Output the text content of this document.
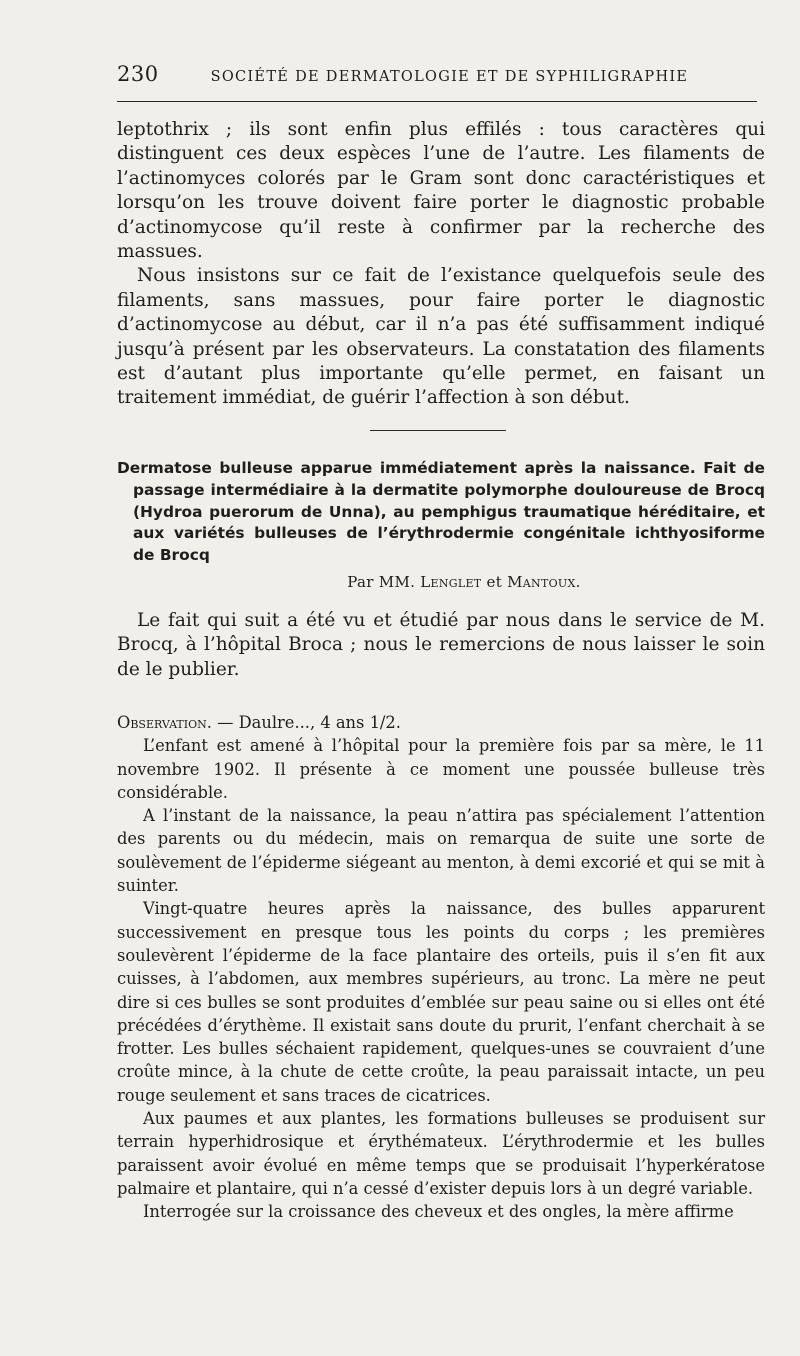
230	SOCIÉTÉ DE DERMATOLOGIE ET DE SYPHILIGRAPHIE

leptothrix ; ils sont enfin plus effilés : tous caractères qui distinguent ces deux espèces l’une de l’autre. Les filaments de l’actinomyces colorés par le Gram sont donc caractéristiques et lorsqu’on les trouve doivent faire porter le diagnostic probable d’actinomycose qu’il reste à confirmer par la recherche des massues.

Nous insistons sur ce fait de l’existance quelquefois seule des filaments, sans massues, pour faire porter le diagnostic d’actinomycose au début, car il n’a pas été suffisamment indiqué jusqu’à présent par les observateurs. La constatation des filaments est d’autant plus importante qu’elle permet, en faisant un traitement immédiat, de guérir l’affection à son début.

Dermatose bulleuse apparue immédiatement après la naissance. Fait de passage intermédiaire à la dermatite polymorphe douloureuse de Brocq (Hydroa puerorum de Unna), au pemphigus traumatique héréditaire, et aux variétés bulleuses de l’érythrodermie congénitale ichthyosiforme de Brocq
Par MM. Lenglet et Mantoux.

Le fait qui suit a été vu et étudié par nous dans le service de M. Brocq, à l’hôpital Broca ; nous le remercions de nous laisser le soin de le publier.

Observation. — Daulre..., 4 ans 1/2.

L’enfant est amené à l’hôpital pour la première fois par sa mère, le 11 novembre 1902. Il présente à ce moment une poussée bulleuse très considérable.

A l’instant de la naissance, la peau n’attira pas spécialement l’attention des parents ou du médecin, mais on remarqua de suite une sorte de soulèvement de l’épiderme siégeant au menton, à demi excorié et qui se mit à suinter.

Vingt-quatre heures après la naissance, des bulles apparurent successivement en presque tous les points du corps ; les premières soulevèrent l’épiderme de la face plantaire des orteils, puis il s’en fit aux cuisses, à l’abdomen, aux membres supérieurs, au tronc. La mère ne peut dire si ces bulles se sont produites d’emblée sur peau saine ou si elles ont été précédées d’érythème. Il existait sans doute du prurit, l’enfant cherchait à se frotter. Les bulles séchaient rapidement, quelques-unes se couvraient d’une croûte mince, à la chute de cette croûte, la peau paraissait intacte, un peu rouge seulement et sans traces de cicatrices.

Aux paumes et aux plantes, les formations bulleuses se produisent sur terrain hyperhidrosique et érythémateux. L’érythrodermie et les bulles paraissent avoir évolué en même temps que se produisait l’hyperkératose palmaire et plantaire, qui n’a cessé d’exister depuis lors à un degré variable.

Interrogée sur la croissance des cheveux et des ongles, la mère affirme
